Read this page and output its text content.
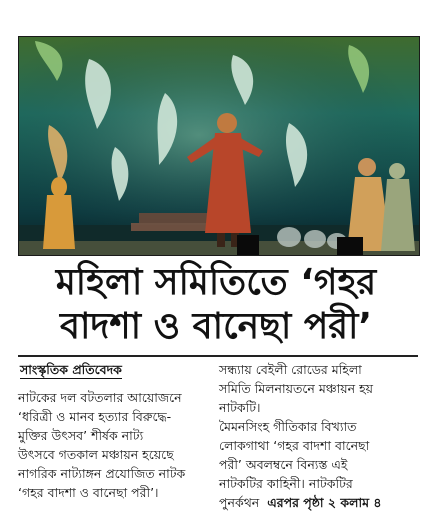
মহিলা সমিতিতে ‘গহর
বাদশা ও বানেছা পরী’
সাংস্কৃতিক প্রতিবেদক

নাটকের দল বটতলার আয়োজনে
‘ধরিত্রী ও মানব হত্যার বিরুদ্ধে-
মুক্তির উৎসব’ শীর্ষক নাট্য
উৎসবে গতকাল মঞ্চায়ন হয়েছে
নাগরিক নাট্যাঙ্গন প্রযোজিত নাটক
‘গহর বাদশা ও বানেছা পরী’।

সন্ধ্যায় বেইলী রোডের মহিলা
সমিতি মিলনায়তনে মঞ্চায়ন হয়
নাটকটি।
মৈমনসিংহ গীতিকার বিখ্যাত
লোকগাথা ‘গহর বাদশা বানেছা
পরী’ অবলম্বনে বিন্যস্ত এই
নাটকটির কাহিনী। নাটকটির
পুনর্কথন এরপর পৃষ্ঠা ২ কলাম ৪
